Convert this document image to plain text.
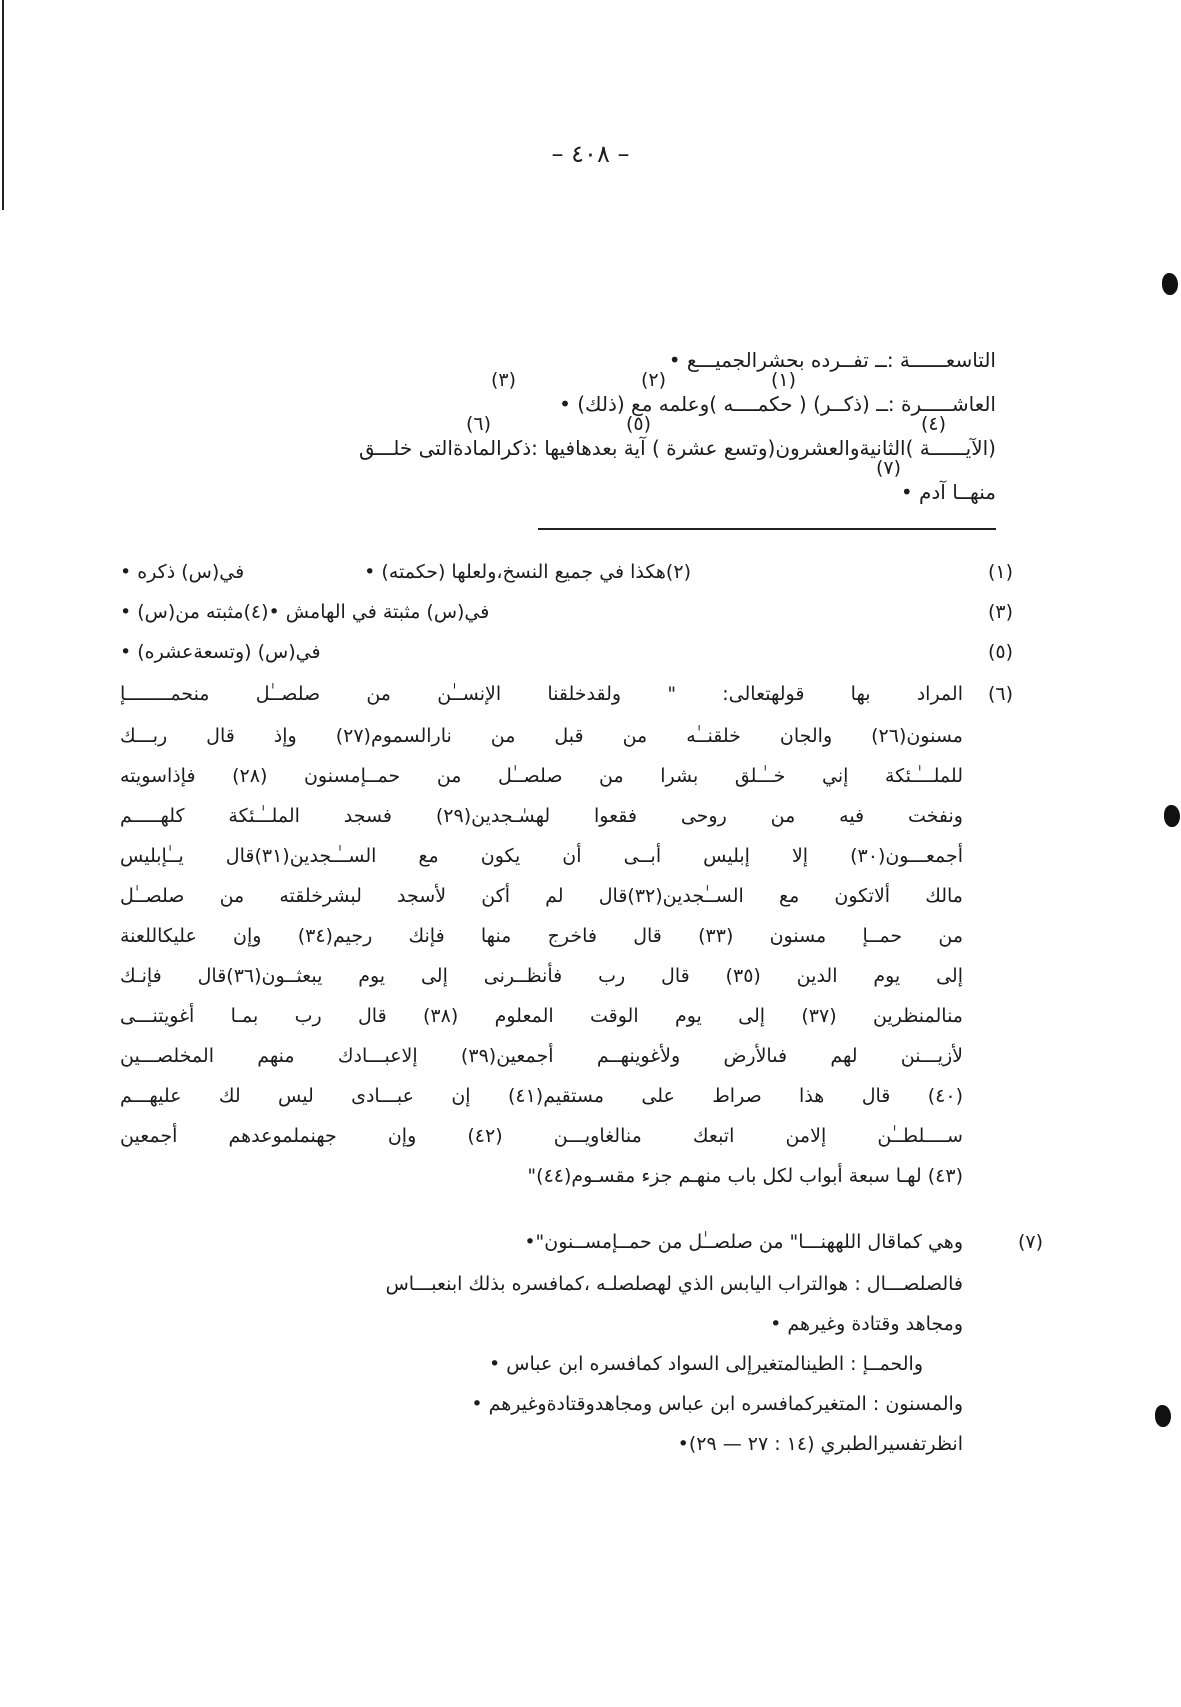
– ٤٠٨ –
التاسعــــــة :ــ تفــرده بحشرالجميـــع •
(١)
(٢)
(٣)
العاشـــــرة :ــ (ذكــر) ( حكمــــه )وعلمه مع (ذلك) •
(٤)
(٥)
(٦)
(الآيــــــة )الثانيةوالعشرون(وتسع عشرة ) آية بعدهافيها :ذكرالمادةالتى خلـــق
(٧)
منهــا آدم •
(١)
في(س) ذكره •	(٢)هكذا في جميع النسخ،ولعلها (حكمته) •
(٣)
في(س) مثبتة في الهامش •(٤)مثبته من(س) •
(٥)
في(س) (وتسعةعشره) •
(٦)
المراد بها قولهتعالى: " ولقدخلقنا الإنســٰن من صلصــٰل منحمــــــــإ
مسنون(٢٦) والجان خلقنــٰه من قبل من نارالسموم(٢٧) وإذ قال ربـــك
للملـــٰـئكة إني خــٰـلق بشرا من صلصــٰل من حمــإمسنون (٢٨) فإذاسويته
ونفخت فيه من روحى فقعوا لهسٰـجدين(٢٩) فسجد الملــٰـئكة كلهـــــم
أجمعـــون(٣٠) إلا إبليس أبــى أن يكون مع الســٰـجدين(٣١)قال يــٰإبليس
مالك ألاتكون مع الســٰجدين(٣٢)قال لم أكن لأسجد لبشرخلقته من صلصــٰل
من حمــإ مسنون (٣٣) قال فاخرج منها فإنك رجيم(٣٤) وإن عليكاللعنة
إلى يوم الدين (٣٥) قال رب فأنظــرنى إلى يوم يبعثــون(٣٦)قال فإنـك
منالمنظرين (٣٧) إلى يوم الوقت المعلوم (٣٨) قال رب بمـا أغويتنـــى
لأزيـــنن لهم فىالأرض ولأغوينهــم أجمعين(٣٩) إلاعبـــادك منهم المخلصـــين
(٤٠) قال هذا صراط على مستقيم(٤١) إن عبـــادى ليس لك عليهـــم
ســــلطــٰن إلامن اتبعك منالغاويـــن (٤٢) وإن جهنملموعدهم أجمعين
(٤٣) لهـا سبعة أبواب لكل باب منهـم جزء مقسـوم(٤٤)"
(٧)
وهي كماقال اللههنـــا" من صلصــٰل من حمــإمســنون"•
فالصلصـــال : هوالتراب اليابس الذي لهصلصلـه ،كمافسره بذلك ابنعبـــاس
ومجاهد وقتادة وغيرهم •
والحمــإ : الطينالمتغيرإلى السواد كمافسره ابن عباس •
والمسنون : المتغيركمافسره ابن عباس ومجاهدوقتادةوغيرهم •
انظرتفسيرالطبري (١٤ : ٢٧ — ٢٩)•
